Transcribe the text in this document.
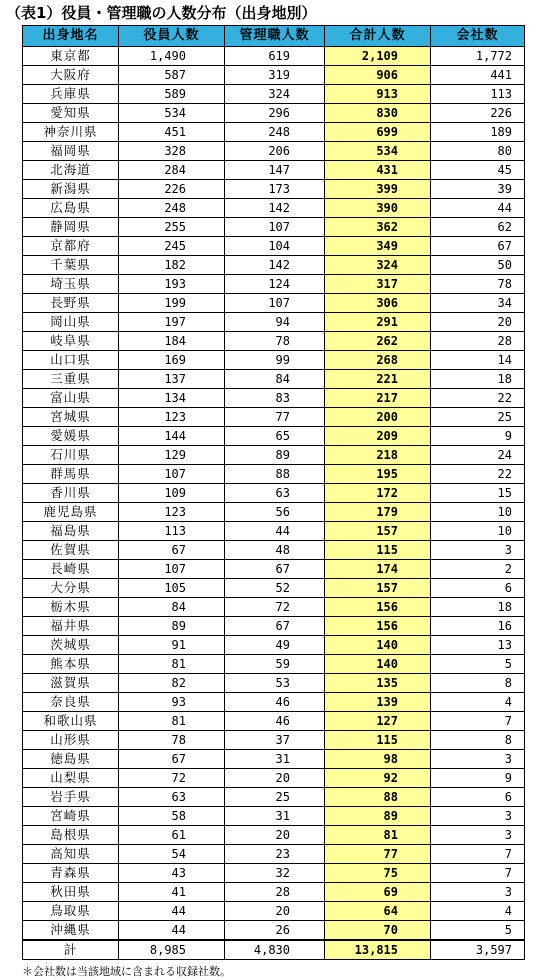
（表1）役員・管理職の人数分布（出身地別）
出身地名	役員人数	管理職人数	合計人数	会社数
東京都	1,490	619	2,109	1,772
大阪府	587	319	906	441
兵庫県	589	324	913	113
愛知県	534	296	830	226
神奈川県	451	248	699	189
福岡県	328	206	534	80
北海道	284	147	431	45
新潟県	226	173	399	39
広島県	248	142	390	44
静岡県	255	107	362	62
京都府	245	104	349	67
千葉県	182	142	324	50
埼玉県	193	124	317	78
長野県	199	107	306	34
岡山県	197	94	291	20
岐阜県	184	78	262	28
山口県	169	99	268	14
三重県	137	84	221	18
富山県	134	83	217	22
宮城県	123	77	200	25
愛媛県	144	65	209	9
石川県	129	89	218	24
群馬県	107	88	195	22
香川県	109	63	172	15
鹿児島県	123	56	179	10
福島県	113	44	157	10
佐賀県	67	48	115	3
長崎県	107	67	174	2
大分県	105	52	157	6
栃木県	84	72	156	18
福井県	89	67	156	16
茨城県	91	49	140	13
熊本県	81	59	140	5
滋賀県	82	53	135	8
奈良県	93	46	139	4
和歌山県	81	46	127	7
山形県	78	37	115	8
徳島県	67	31	98	3
山梨県	72	20	92	9
岩手県	63	25	88	6
宮崎県	58	31	89	3
島根県	61	20	81	3
高知県	54	23	77	7
青森県	43	32	75	7
秋田県	41	28	69	3
鳥取県	44	20	64	4
沖縄県	44	26	70	5
計	8,985	4,830	13,815	3,597
＊会社数は当該地域に含まれる収録社数。
